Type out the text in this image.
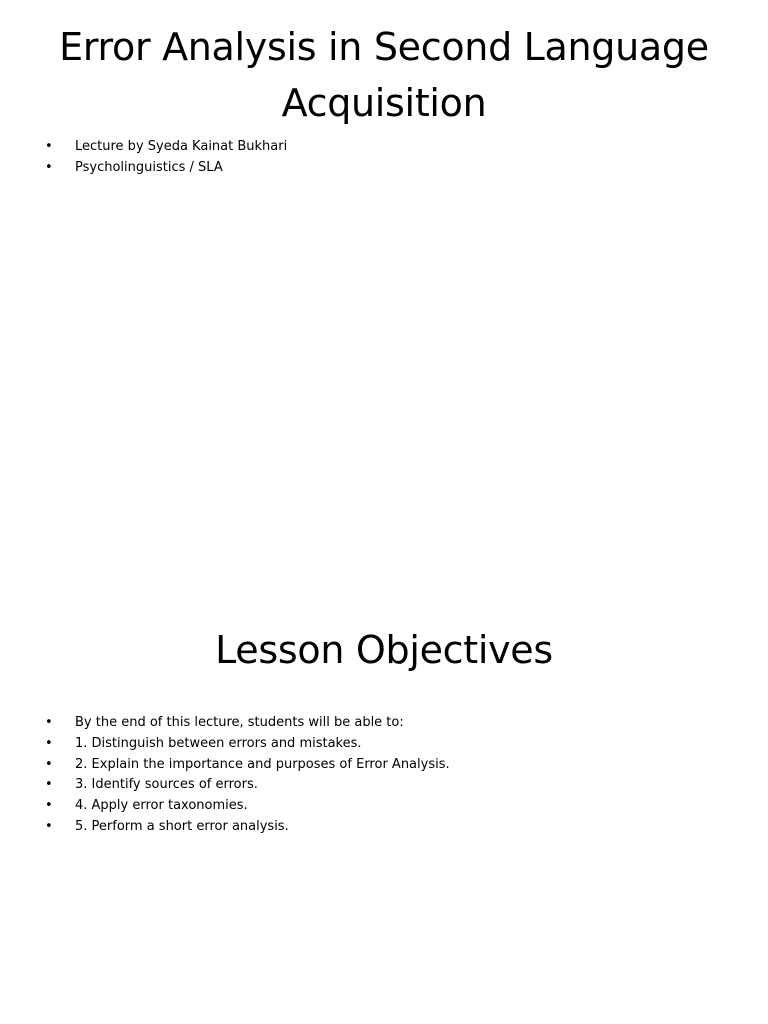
Error Analysis in Second Language Acquisition
• Lecture by Syeda Kainat Bukhari
• Psycholinguistics / SLA
Lesson Objectives
• By the end of this lecture, students will be able to:
• 1. Distinguish between errors and mistakes.
• 2. Explain the importance and purposes of Error Analysis.
• 3. Identify sources of errors.
• 4. Apply error taxonomies.
• 5. Perform a short error analysis.
